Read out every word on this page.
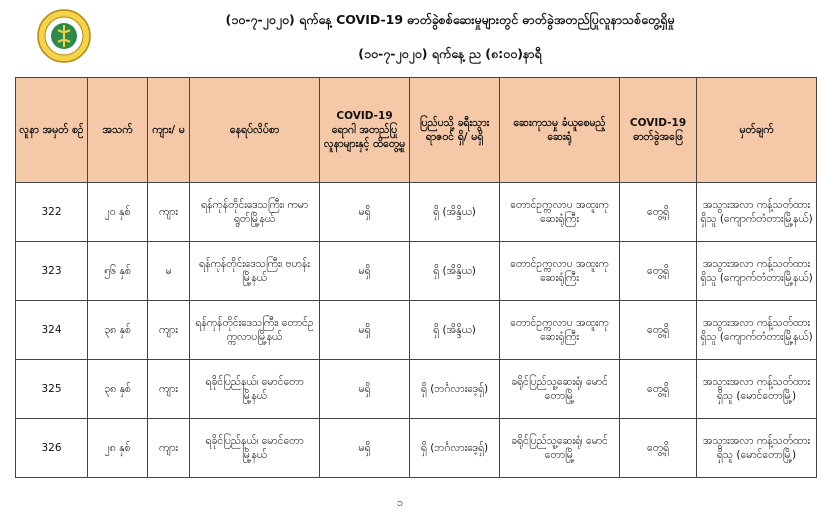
(၁၀-၇-၂၀၂၀) ရက်နေ့ COVID-19 ဓာတ်ခွဲစစ်ဆေးမှုများတွင် ဓာတ်ခွဲအတည်ပြုလူနာသစ်တွေ့ရှိမှု
(၁၀-၇-၂၀၂၀) ရက်နေ့ ည (၈:၀၀)နာရီ
လူနာ အမှတ် စဉ်	အသက်	ကျား/ မ	နေရပ်လိပ်စာ	COVID-19 ရောဂါ အတည်ပြု လူနာများနှင့် ထိတွေ့မှု	ပြည်ပသို့ ခရီးသွား ရာဇဝင် ရှိ/ မရှိ	ဆေးကုသမှု ခံယူစေမည့်ဆေးရုံ	COVID-19 ဓာတ်ခွဲအဖြေ	မှတ်ချက်
322	၂၀ နှစ်	ကျား	ရန်ကုန်တိုင်းဒေသကြီး၊ ကမာရွတ်မြို့နယ်	မရှိ	ရှိ (အိန္ဒိယ)	တောင်ဥက္ကလာပ အထူးကုဆေးရုံကြီး	တွေ့ရှိ	အသွားအလာ ကန့်သတ်ထားရှိသူ (ကျောက်တံတားမြို့နယ်)
323	၅၆ နှစ်	မ	ရန်ကုန်တိုင်းဒေသကြီး၊ ဗဟန်းမြို့နယ်	မရှိ	ရှိ (အိန္ဒိယ)	တောင်ဥက္ကလာပ အထူးကုဆေးရုံကြီး	တွေ့ရှိ	အသွားအလာ ကန့်သတ်ထားရှိသူ (ကျောက်တံတားမြို့နယ်)
324	၃၈ နှစ်	ကျား	ရန်ကုန်တိုင်းဒေသကြီး၊ တောင်ဥက္ကလာပမြို့နယ်	မရှိ	ရှိ (အိန္ဒိယ)	တောင်ဥက္ကလာပ အထူးကုဆေးရုံကြီး	တွေ့ရှိ	အသွားအလာ ကန့်သတ်ထားရှိသူ (ကျောက်တံတားမြို့နယ်)
325	၃၈ နှစ်	ကျား	ရခိုင်ပြည်နယ်၊ မောင်တောမြို့နယ်	မရှိ	ရှိ (ဘင်္ဂလားဒေ့ရှ်)	ခရိုင်ပြည်သူ့ဆေးရုံ၊ မောင်တောမြို့	တွေ့ရှိ	အသွားအလာ ကန့်သတ်ထားရှိသူ (မောင်တောမြို့)
326	၂၈ နှစ်	ကျား	ရခိုင်ပြည်နယ်၊ မောင်တောမြို့နယ်	မရှိ	ရှိ (ဘင်္ဂလားဒေ့ရှ်)	ခရိုင်ပြည်သူ့ဆေးရုံ၊ မောင်တောမြို့	တွေ့ရှိ	အသွားအလာ ကန့်သတ်ထားရှိသူ (မောင်တောမြို့)
၁
